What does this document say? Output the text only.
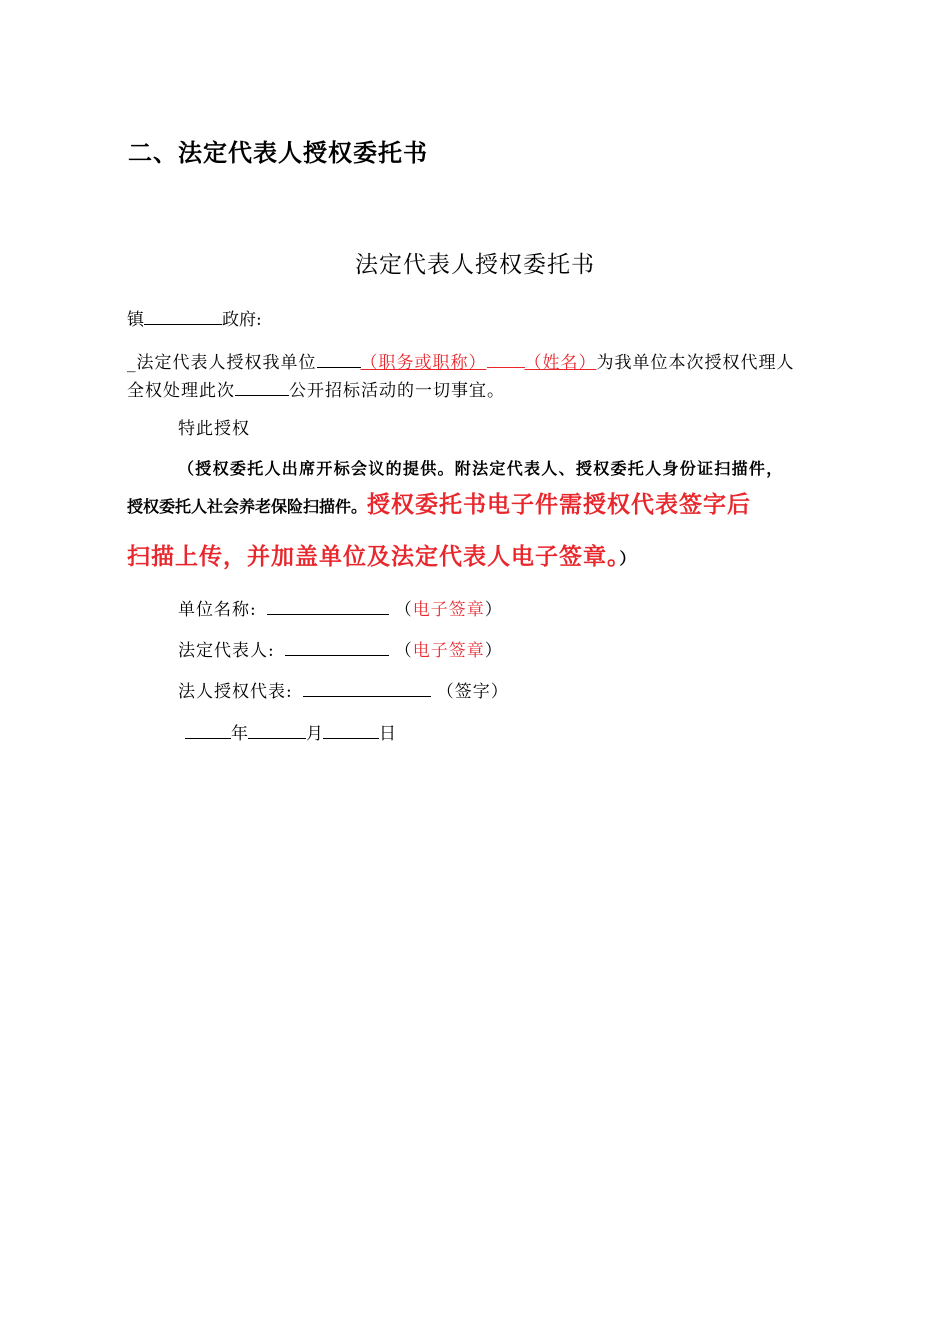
二、法定代表人授权委托书
法定代表人授权委托书
镇	政府:
_法定代表人授权我单位	（职务或职称） （姓名）为我单位本次授权代理人
全权处理此次	公开招标活动的一切事宜。
特此授权
（授权委托人出席开标会议的提供。附法定代表人、授权委托人身份证扫描件，
授权委托人社会养老保险扫描件。授权委托书电子件需授权代表签字后
扫描上传，并加盖单位及法定代表人电子签章。）
单位名称:	（电子签章）
法定代表人:	（电子签章）
法人授权代表:	（签字）
年	月	日
